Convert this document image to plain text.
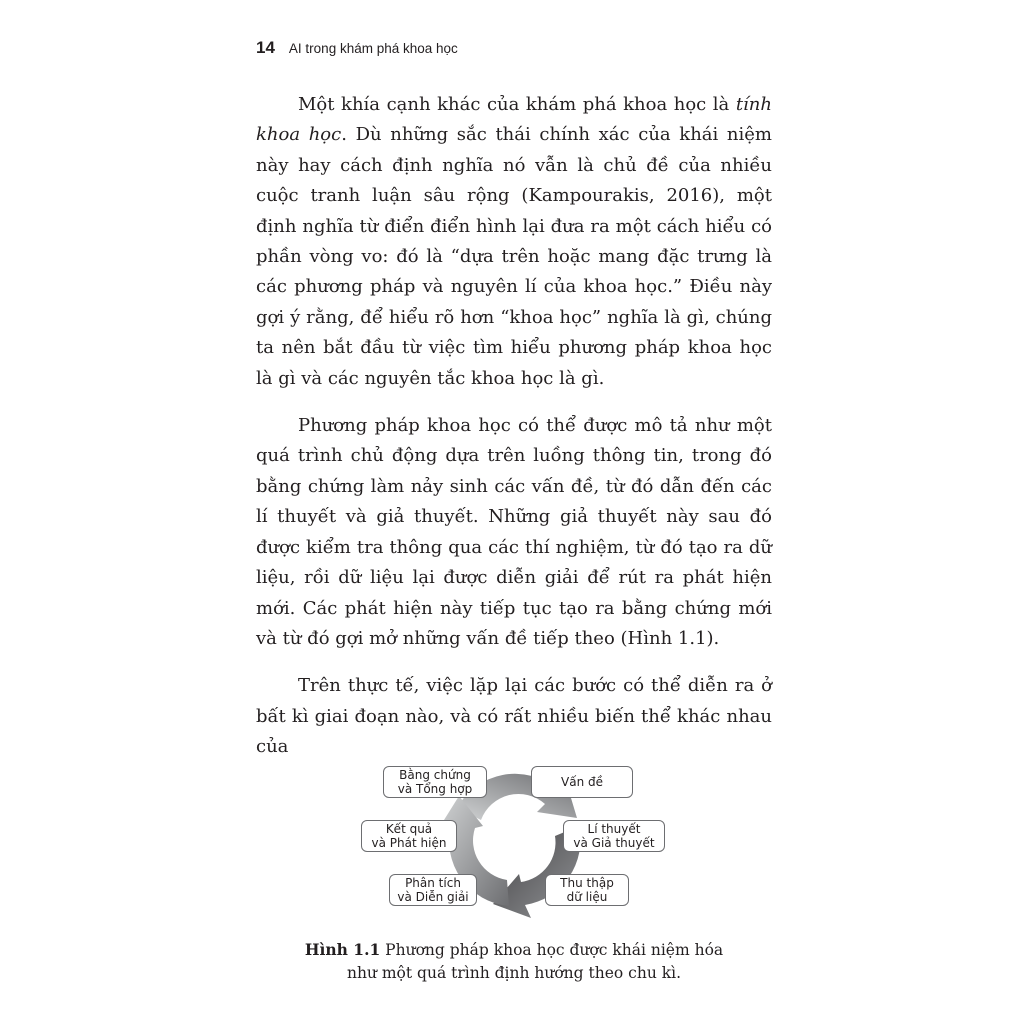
14 AI trong khám phá khoa học

Một khía cạnh khác của khám phá khoa học là tính khoa học. Dù những sắc thái chính xác của khái niệm này hay cách định nghĩa nó vẫn là chủ đề của nhiều cuộc tranh luận sâu rộng (Kampourakis, 2016), một định nghĩa từ điển điển hình lại đưa ra một cách hiểu có phần vòng vo: đó là “dựa trên hoặc mang đặc trưng là các phương pháp và nguyên lí của khoa học.” Điều này gợi ý rằng, để hiểu rõ hơn “khoa học” nghĩa là gì, chúng ta nên bắt đầu từ việc tìm hiểu phương pháp khoa học là gì và các nguyên tắc khoa học là gì.

Phương pháp khoa học có thể được mô tả như một quá trình chủ động dựa trên luồng thông tin, trong đó bằng chứng làm nảy sinh các vấn đề, từ đó dẫn đến các lí thuyết và giả thuyết. Những giả thuyết này sau đó được kiểm tra thông qua các thí nghiệm, từ đó tạo ra dữ liệu, rồi dữ liệu lại được diễn giải để rút ra phát hiện mới. Các phát hiện này tiếp tục tạo ra bằng chứng mới và từ đó gợi mở những vấn đề tiếp theo (Hình 1.1).

Trên thực tế, việc lặp lại các bước có thể diễn ra ở bất kì giai đoạn nào, và có rất nhiều biến thể khác nhau của

Bằng chứng
và Tổng hợp	Vấn đề
Lí thuyết
và Giả thuyết
Thu thập
dữ liệu
Phân tích
và Diễn giải
Kết quả
và Phát hiện
Hình 1.1 Phương pháp khoa học được khái niệm hóa
như một quá trình định hướng theo chu kì.
